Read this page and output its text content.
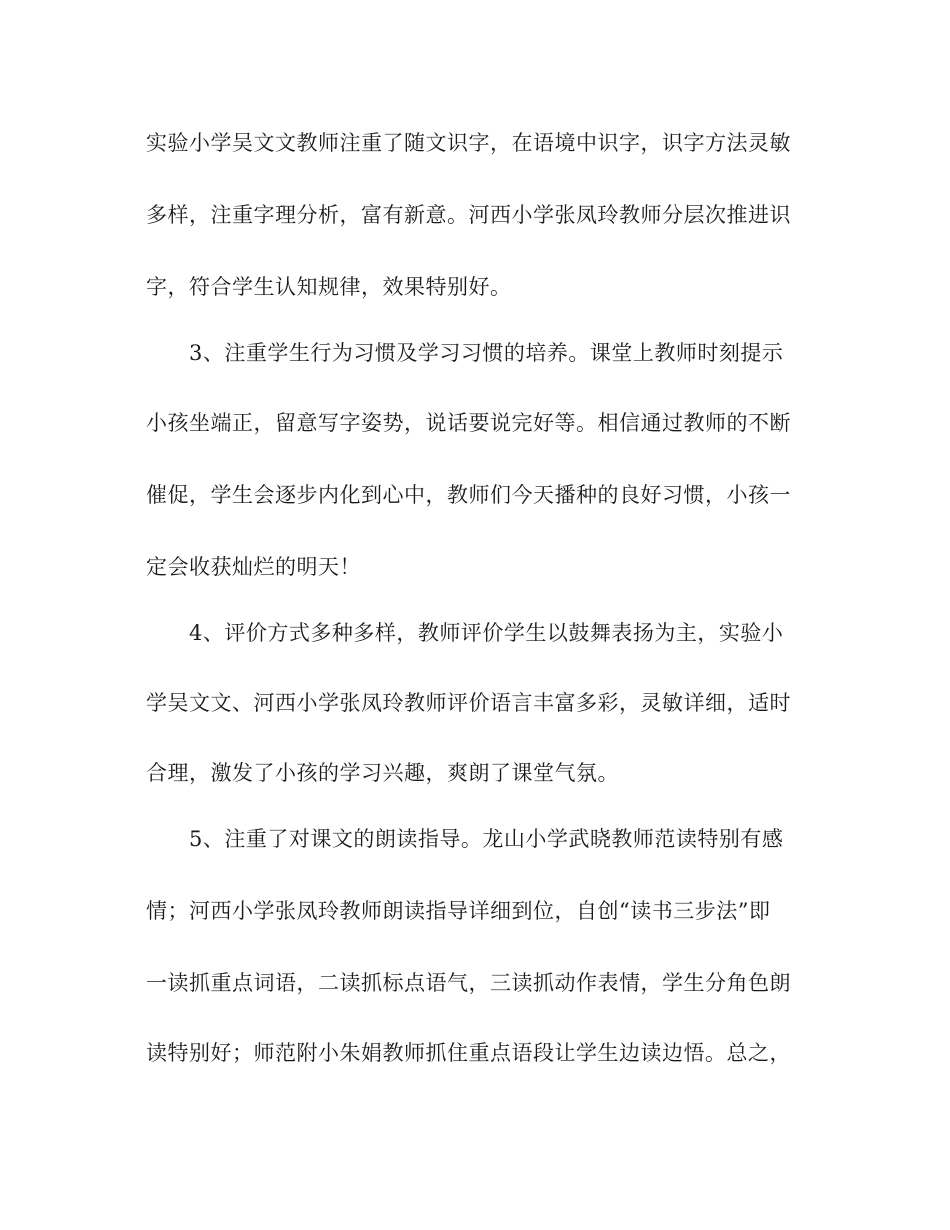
实验小学吴文文教师注重了随文识字，在语境中识字，识字方法灵敏
多样，注重字理分析，富有新意。河西小学张凤玲教师分层次推进识
字，符合学生认知规律，效果特别好。
3、注重学生行为习惯及学习习惯的培养。课堂上教师时刻提示
小孩坐端正，留意写字姿势，说话要说完好等。相信通过教师的不断
催促，学生会逐步内化到心中，教师们今天播种的良好习惯，小孩一
定会收获灿烂的明天！
4、评价方式多种多样，教师评价学生以鼓舞表扬为主，实验小
学吴文文、河西小学张凤玲教师评价语言丰富多彩，灵敏详细，适时
合理，激发了小孩的学习兴趣，爽朗了课堂气氛。
5、注重了对课文的朗读指导。龙山小学武晓教师范读特别有感
情；河西小学张凤玲教师朗读指导详细到位，自创“读书三步法”即
一读抓重点词语，二读抓标点语气，三读抓动作表情，学生分角色朗
读特别好；师范附小朱娟教师抓住重点语段让学生边读边悟。总之，
